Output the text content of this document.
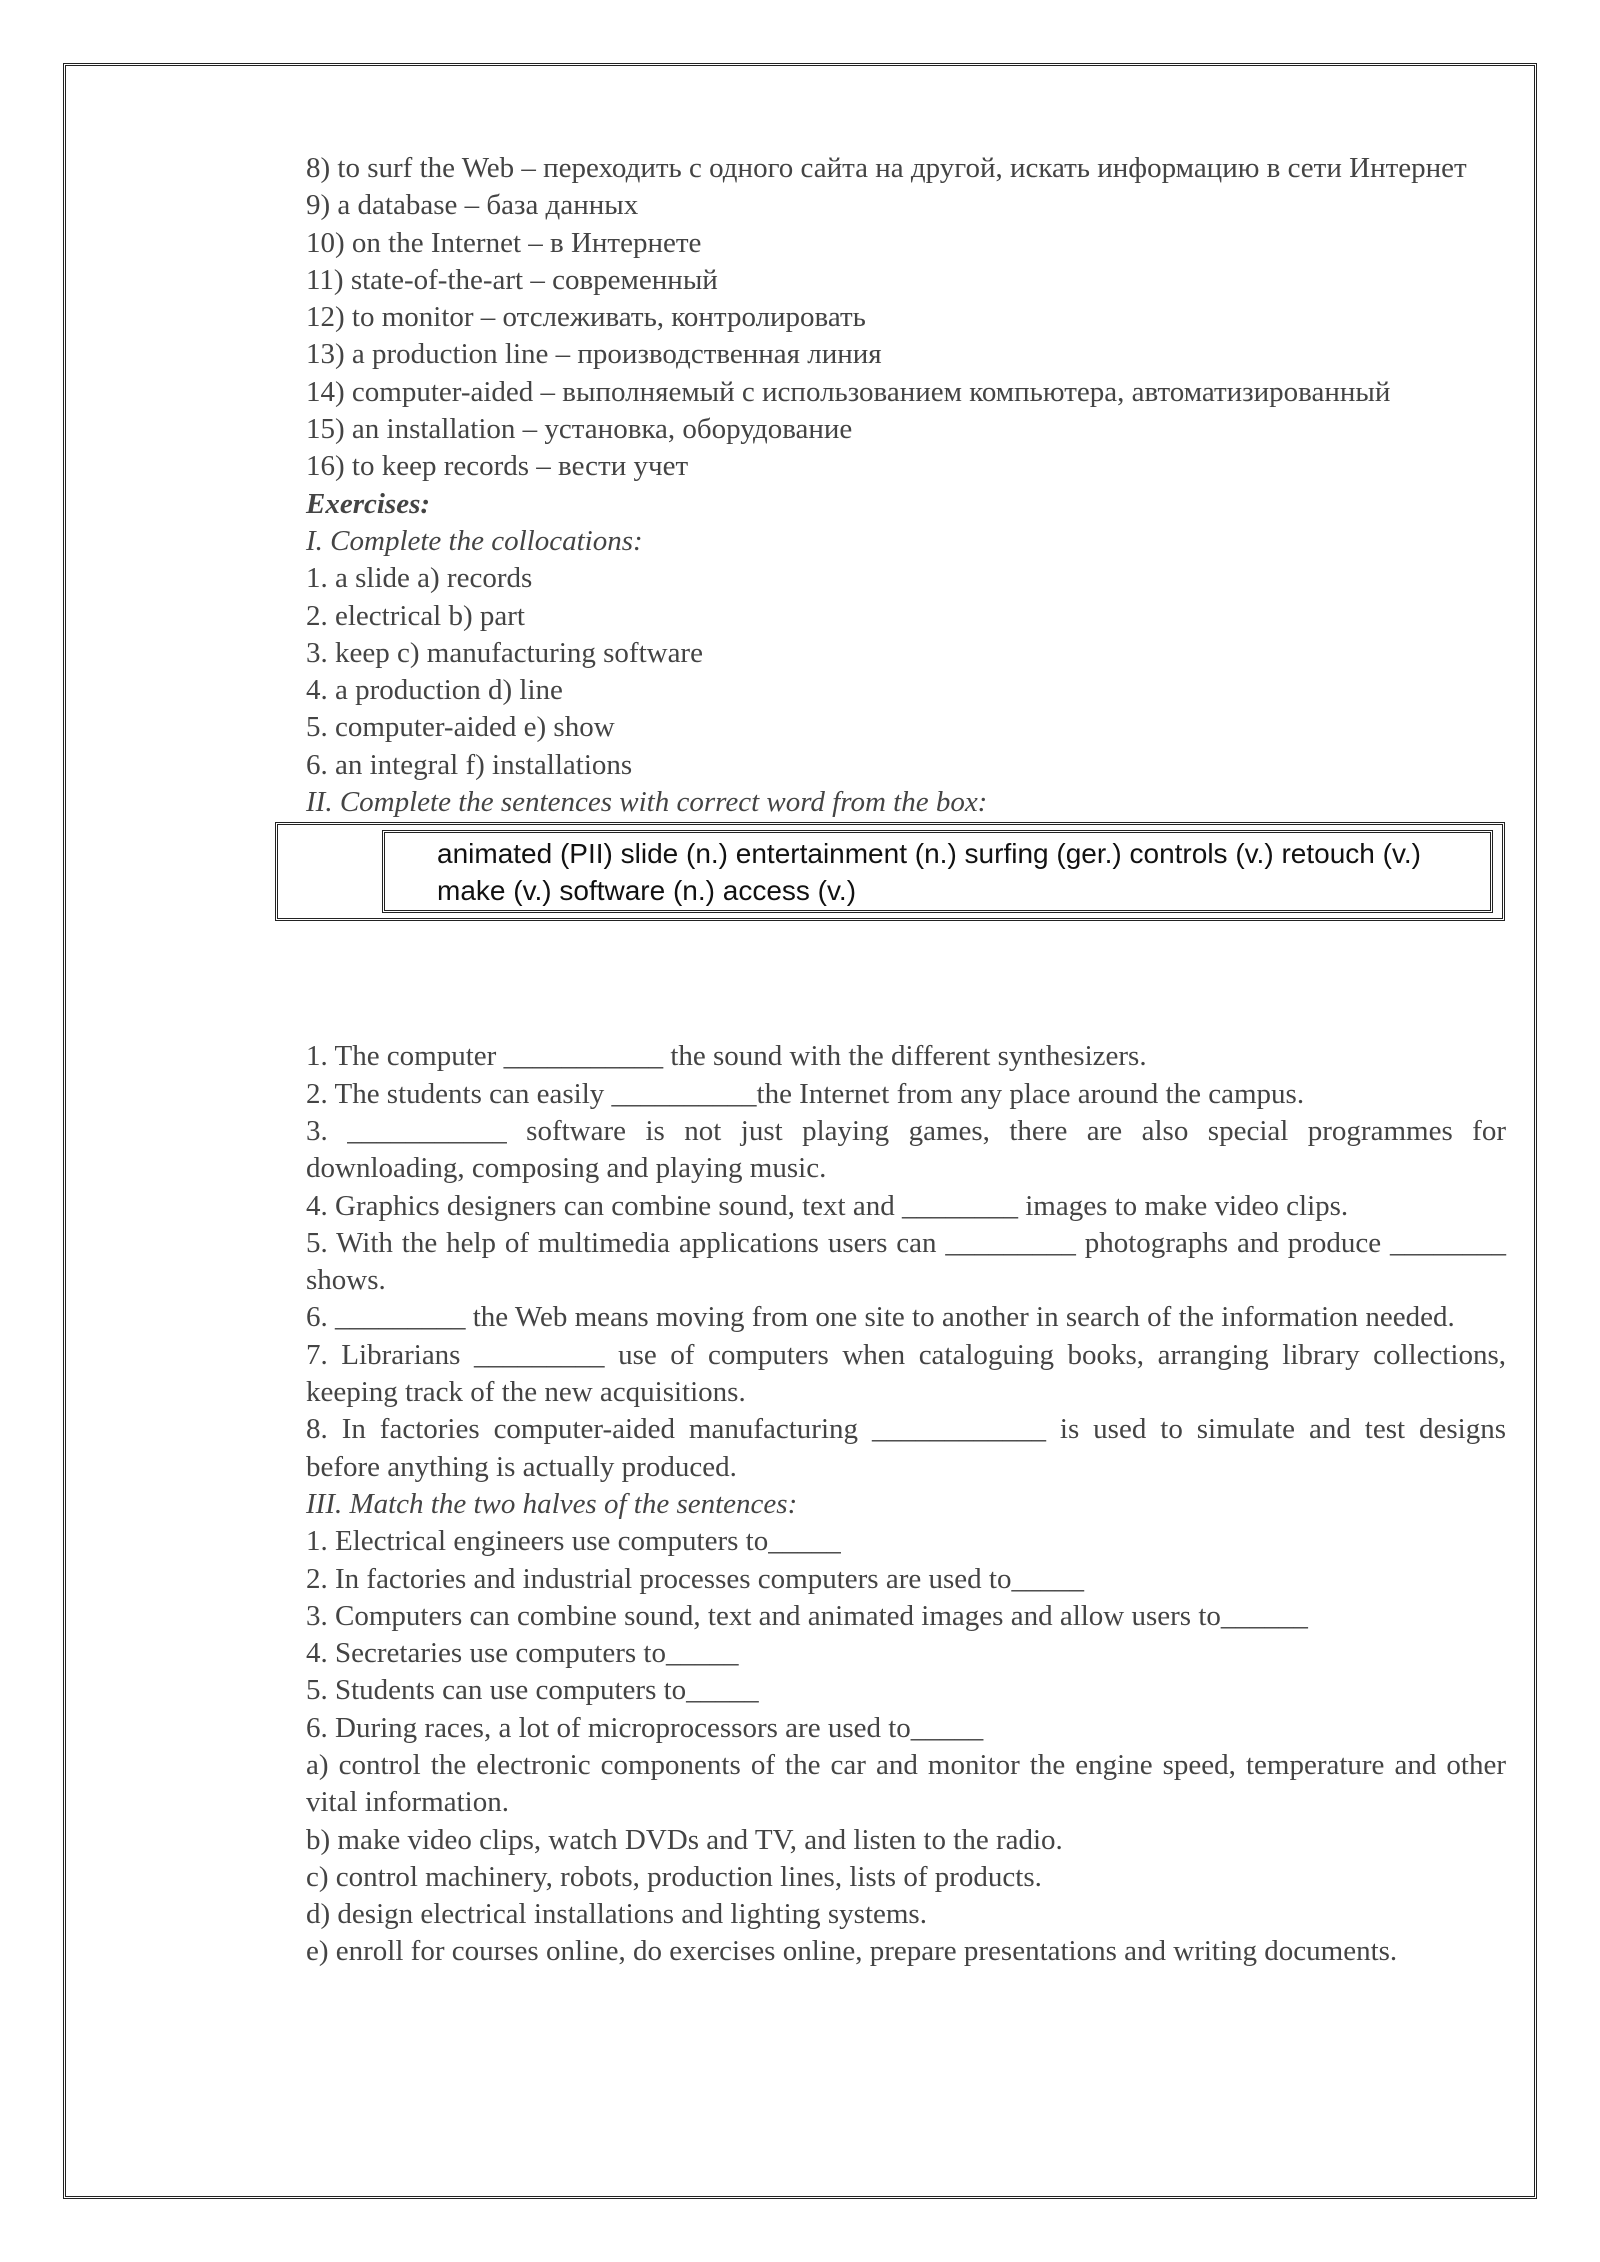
8) to surf the Web – переходить с одного сайта на другой, искать информацию в сети Интернет
9) a database – база данных
10) on the Internet – в Интернете
11) state-of-the-art – современный
12) to monitor – отслеживать, контролировать
13) a production line – производственная линия
14) computer-aided – выполняемый с использованием компьютера, автоматизированный
15) an installation – установка, оборудование
16) to keep records – вести учет
Exercises:
I. Complete the collocations:
1. a slide a) records
2. electrical b) part
3. keep c) manufacturing software
4. a production d) line
5. computer-aided e) show
6. an integral f) installations
II. Complete the sentences with correct word from the box:
animated (PII) slide (n.) entertainment (n.) surfing (ger.) controls (v.) retouch (v.)
make (v.) software (n.) access (v.)
1. The computer ___________ the sound with the different synthesizers.
2. The students can easily __________the Internet from any place around the campus.
3. ___________ software is not just playing games, there are also special programmes for downloading, composing and playing music.
4. Graphics designers can combine sound, text and ________ images to make video clips.
5. With the help of multimedia applications users can _________ photographs and produce ________ shows.
6. _________ the Web means moving from one site to another in search of the information needed.
7. Librarians _________ use of computers when cataloguing books, arranging library collections, keeping track of the new acquisitions.
8. In factories computer-aided manufacturing ____________ is used to simulate and test designs before anything is actually produced.
III. Match the two halves of the sentences:
1. Electrical engineers use computers to_____
2. In factories and industrial processes computers are used to_____
3. Computers can combine sound, text and animated images and allow users to______
4. Secretaries use computers to_____
5. Students can use computers to_____
6. During races, a lot of microprocessors are used to_____
a) control the electronic components of the car and monitor the engine speed, temperature and other vital information.
b) make video clips, watch DVDs and TV, and listen to the radio.
c) control machinery, robots, production lines, lists of products.
d) design electrical installations and lighting systems.
e) enroll for courses online, do exercises online, prepare presentations and writing documents.
